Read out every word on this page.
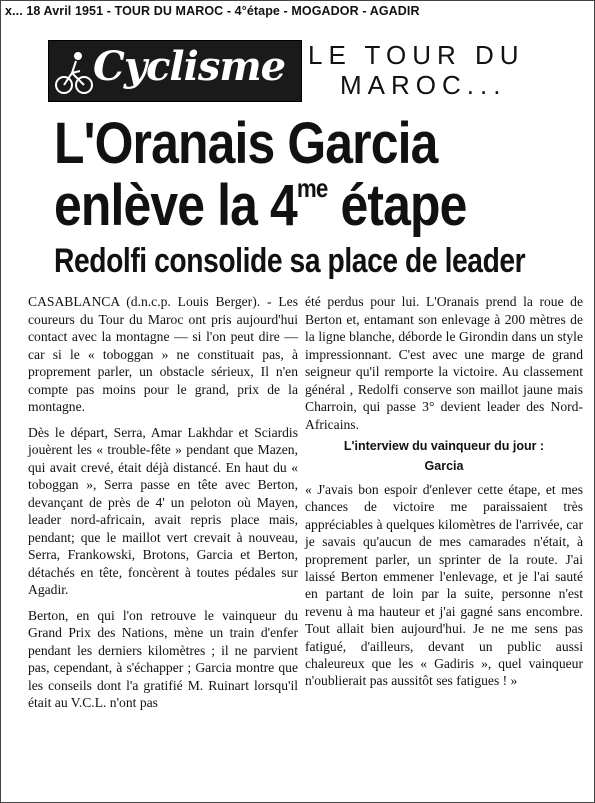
x... 18 Avril 1951 - TOUR DU MAROC - 4°étape - MOGADOR - AGADIR
Cyclisme LE TOUR DU
MAROC...
L'Oranais Garcia
enlève la $4^{me}$ étape
Redolfi consolide sa place de leader

CASABLANCA (d.n.c.p. Louis Berger). - Les coureurs du Tour du Maroc ont pris aujourd'hui contact avec la montagne — si l'on peut dire — car si le « toboggan » ne constituait pas, à proprement parler, un obstacle sérieux, Il n'en compte pas moins pour le grand, prix de la montagne.

Dès le départ, Serra, Amar Lakhdar et Sciardis jouèrent les « trouble-fête » pendant que Mazen, qui avait crevé, était déjà distancé. En haut du « toboggan », Serra passe en tête avec Berton, devançant de près de 4' un peloton où Mayen, leader nord-africain, avait repris place mais, pendant; que le maillot vert crevait à nouveau, Serra, Frankowski, Brotons, Garcia et Berton, détachés en tête, foncèrent à toutes pédales sur Agadir.

Berton, en qui l'on retrouve le vainqueur du Grand Prix des Nations, mène un train d'enfer pendant les derniers kilomètres ; il ne parvient pas, cependant, à s'échapper ; Garcia montre que les conseils dont l'a gratifié M. Ruinart lorsqu'il était au V.C.L. n'ont pas

été perdus pour lui. L'Oranais prend la roue de Berton et, entamant son enlevage à 200 mètres de la ligne blanche, déborde le Girondin dans un style impressionnant. C'est avec une marge de grand seigneur qu'il remporte la victoire. Au classement général , Redolfi conserve son maillot jaune mais Charroin, qui passe 3° devient leader des Nord-Africains.

L'interview du vainqueur du jour :
Garcia

« J'avais bon espoir d'enlever cette étape, et mes chances de victoire me paraissaient très appréciables à quelques kilomètres de l'arrivée, car je savais qu'aucun de mes camarades n'était, à proprement parler, un sprinter de la route. J'ai laissé Berton emmener l'enlevage, et je l'ai sauté en partant de loin par la suite, personne n'est revenu à ma hauteur et j'ai gagné sans encombre. Tout allait bien aujourd'hui. Je ne me sens pas fatigué, d'ailleurs, devant un public aussi chaleureux que les « Gadiris », quel vainqueur n'oublierait pas aussitôt ses fatigues ! »
